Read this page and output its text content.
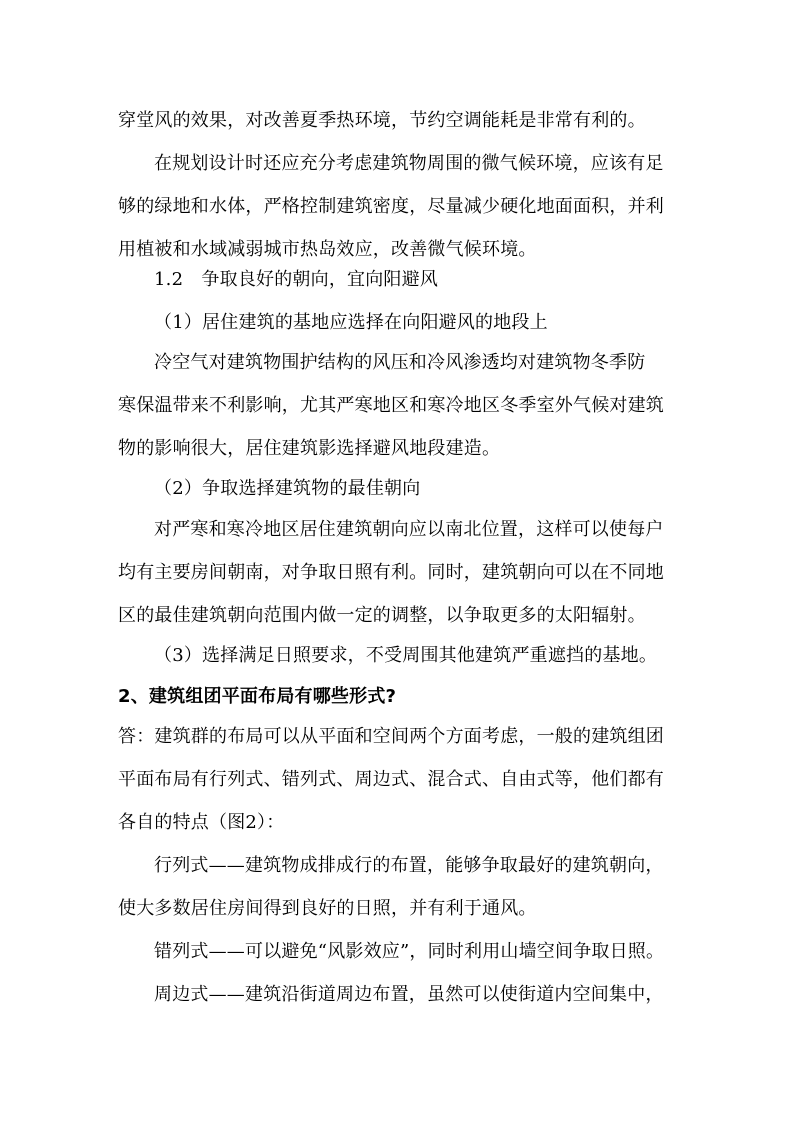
穿堂风的效果，对改善夏季热环境，节约空调能耗是非常有利的。
在规划设计时还应充分考虑建筑物周围的微气候环境，应该有足
够的绿地和水体，严格控制建筑密度，尽量减少硬化地面面积，并利
用植被和水域减弱城市热岛效应，改善微气候环境。
1.2　争取良好的朝向，宜向阳避风
（1）居住建筑的基地应选择在向阳避风的地段上
冷空气对建筑物围护结构的风压和冷风渗透均对建筑物冬季防
寒保温带来不利影响，尤其严寒地区和寒冷地区冬季室外气候对建筑
物的影响很大，居住建筑影选择避风地段建造。
（2）争取选择建筑物的最佳朝向
对严寒和寒冷地区居住建筑朝向应以南北位置，这样可以使每户
均有主要房间朝南，对争取日照有利。同时，建筑朝向可以在不同地
区的最佳建筑朝向范围内做一定的调整，以争取更多的太阳辐射。
（3）选择满足日照要求，不受周围其他建筑严重遮挡的基地。
2、建筑组团平面布局有哪些形式?
答：建筑群的布局可以从平面和空间两个方面考虑，一般的建筑组团
平面布局有行列式、错列式、周边式、混合式、自由式等，他们都有
各自的特点（图2）：
行列式——建筑物成排成行的布置，能够争取最好的建筑朝向，
使大多数居住房间得到良好的日照，并有利于通风。
错列式——可以避免“风影效应”，同时利用山墙空间争取日照。
周边式——建筑沿街道周边布置，虽然可以使街道内空间集中，
